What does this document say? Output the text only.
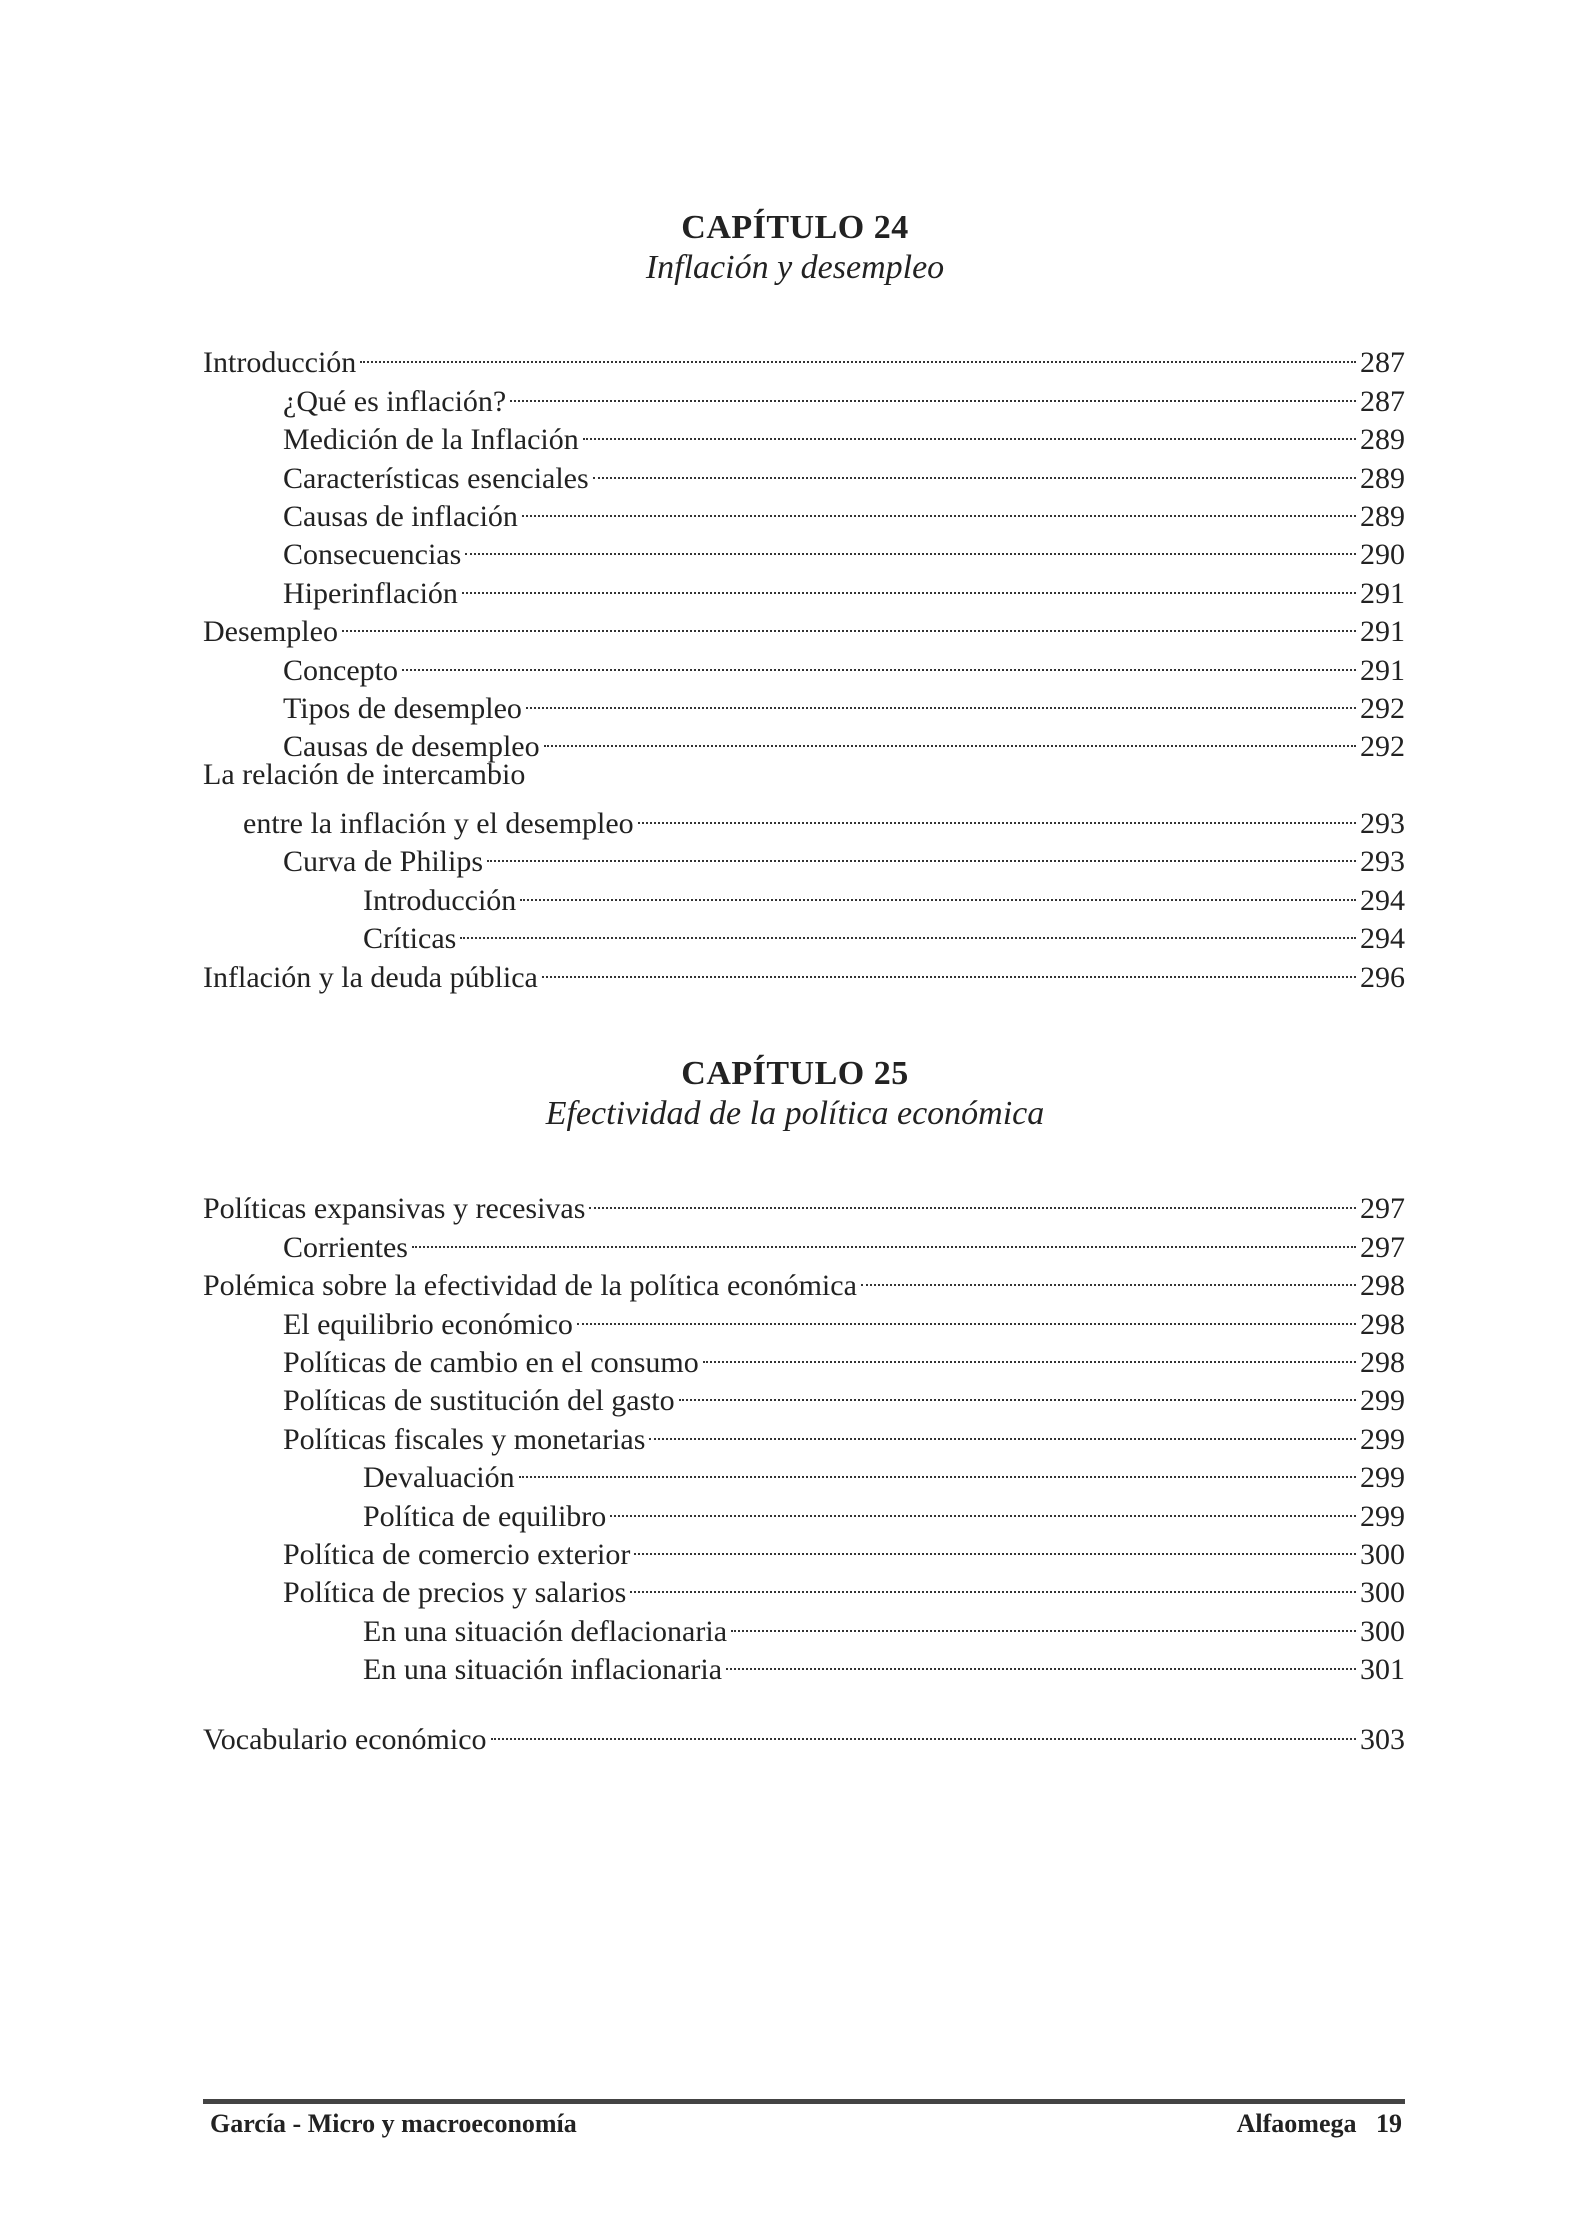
CAPÍTULO 24
Inflación y desempleo
Introducción	287
¿Qué es inflación?	287
Medición de la Inflación	289
Características esenciales	289
Causas de inflación	289
Consecuencias	290
Hiperinflación	291
Desempleo	291
Concepto	291
Tipos de desempleo	292
Causas de desempleo	292
La relación de intercambio
entre la inflación y el desempleo	293
Curva de Philips	293
Introducción	294
Críticas	294
Inflación y la deuda pública	296
CAPÍTULO 25
Efectividad de la política económica
Políticas expansivas y recesivas	297
Corrientes	297
Polémica sobre la efectividad de la política económica	298
El equilibrio económico	298
Políticas de cambio en el consumo	298
Políticas de sustitución del gasto	299
Políticas fiscales y monetarias	299
Devaluación	299
Política de equilibro	299
Política de comercio exterior	300
Política de precios y salarios	300
En una situación deflacionaria	300
En una situación inflacionaria	301
Vocabulario económico	303
García - Micro y macroeconomía	Alfaomega   19
